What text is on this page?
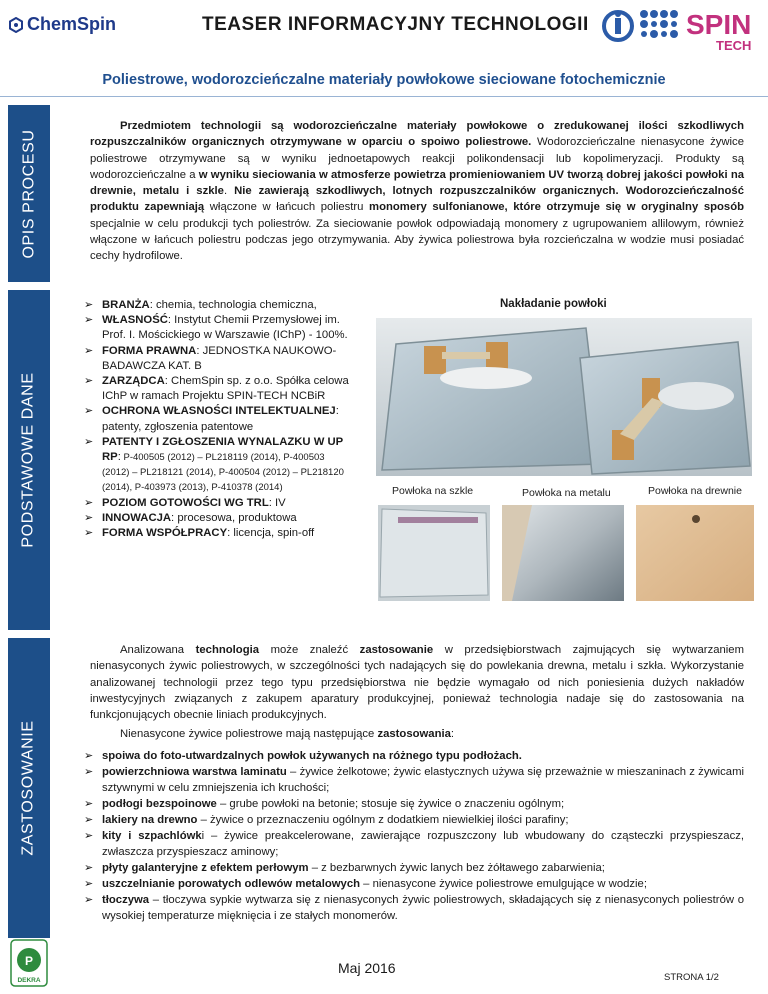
ChemSpin	TEASER INFORMACYJNY TECHNOLOGII	SPIN
TECH
Poliestrowe, wodorozcieńczalne materiały powłokowe sieciowane fotochemicznie
OPIS PROCESU
PODSTAWOWE DANE
ZASTOSOWANIE
Przedmiotem technologii są wodorozcieńczalne materiały powłokowe o zredukowanej ilości szkodliwych rozpuszczalników organicznych otrzymywane w oparciu o spoiwo poliestrowe. Wodorozcieńczalne nienasycone żywice poliestrowe otrzymywane są w wyniku jednoetapowych reakcji polikondensacji lub kopolimeryzacji. Produkty są wodorozcieńczalne a w wyniku sieciowania w atmosferze powietrza promieniowaniem UV tworzą dobrej jakości powłoki na drewnie, metalu i szkle. Nie zawierają szkodliwych, lotnych rozpuszczalników organicznych. Wodorozcieńczalność produktu zapewniają włączone w łańcuch poliestru monomery sulfonianowe, które otrzymuje się w oryginalny sposób specjalnie w celu produkcji tych poliestrów. Za sieciowanie powłok odpowiadają monomery z ugrupowaniem allilowym, również włączone w łańcuch poliestru podczas jego otrzymywania. Aby żywica poliestrowa była rozcieńczalna w wodzie musi posiadać cechy hydrofilowe.
➢ BRANŻA: chemia, technologia chemiczna,
➢ WŁASNOŚĆ: Instytut Chemii Przemysłowej im. Prof. I. Mościckiego w Warszawie (IChP) - 100%.
➢ FORMA PRAWNA: JEDNOSTKA NAUKOWO-BADAWCZA KAT. B
➢ ZARZĄDCA: ChemSpin sp. z o.o. Spółka celowa IChP w ramach Projektu SPIN-TECH NCBiR
➢ OCHRONA WŁASNOŚCI INTELEKTUALNEJ: patenty, zgłoszenia patentowe
➢ PATENTY I ZGŁOSZENIA WYNALAZKU W UP RP: P-400505 (2012) – PL218119 (2014), P-400503 (2012) – PL218121 (2014), P-400504 (2012) – PL218120 (2014), P-403973 (2013), P-410378 (2014)
➢ POZIOM GOTOWOŚCI WG TRL: IV
➢ INNOWACJA: procesowa, produktowa
➢ FORMA WSPÓŁPRACY: licencja, spin-off
Nakładanie powłoki
Powłoka na szkle	Powłoka na metalu	Powłoka na drewnie
Analizowana technologia może znaleźć zastosowanie w przedsiębiorstwach zajmujących się wytwarzaniem nienasyconych żywic poliestrowych, w szczególności tych nadających się do powlekania drewna, metalu i szkła. Wykorzystanie analizowanej technologii przez tego typu przedsiębiorstwa nie będzie wymagało od nich poniesienia dużych nakładów inwestycyjnych związanych z zakupem aparatury produkcyjnej, ponieważ technologia nadaje się do zastosowania na funkcjonujących obecnie liniach produkcyjnych.
Nienasycone żywice poliestrowe mają następujące zastosowania:
➢ spoiwa do foto-utwardzalnych powłok używanych na różnego typu podłożach.
➢ powierzchniowa warstwa laminatu – żywice żelkotowe; żywic elastycznych używa się przeważnie w mieszaninach z żywicami sztywnymi w celu zmniejszenia ich kruchości;
➢ podłogi bezspoinowe – grube powłoki na betonie; stosuje się żywice o znaczeniu ogólnym;
➢ lakiery na drewno – żywice o przeznaczeniu ogólnym z dodatkiem niewielkiej ilości parafiny;
➢ kity i szpachlówki – żywice preakcelerowane, zawierające rozpuszczony lub wbudowany do cząsteczki przyspieszacz, zwłaszcza przyspieszacz aminowy;
➢ płyty galanteryjne z efektem perłowym – z bezbarwnych żywic lanych bez żółtawego zabarwienia;
➢ uszczelnianie porowatych odlewów metalowych – nienasycone żywice poliestrowe emulgujące w wodzie;
➢ tłoczywa – tłoczywa sypkie wytwarza się z nienasyconych żywic poliestrowych, składających się z nienasyconych poliestrów o wysokiej temperaturze mięknięcia i ze stałych monomerów.
P
DEKRA
Maj 2016
STRONA 1/2
